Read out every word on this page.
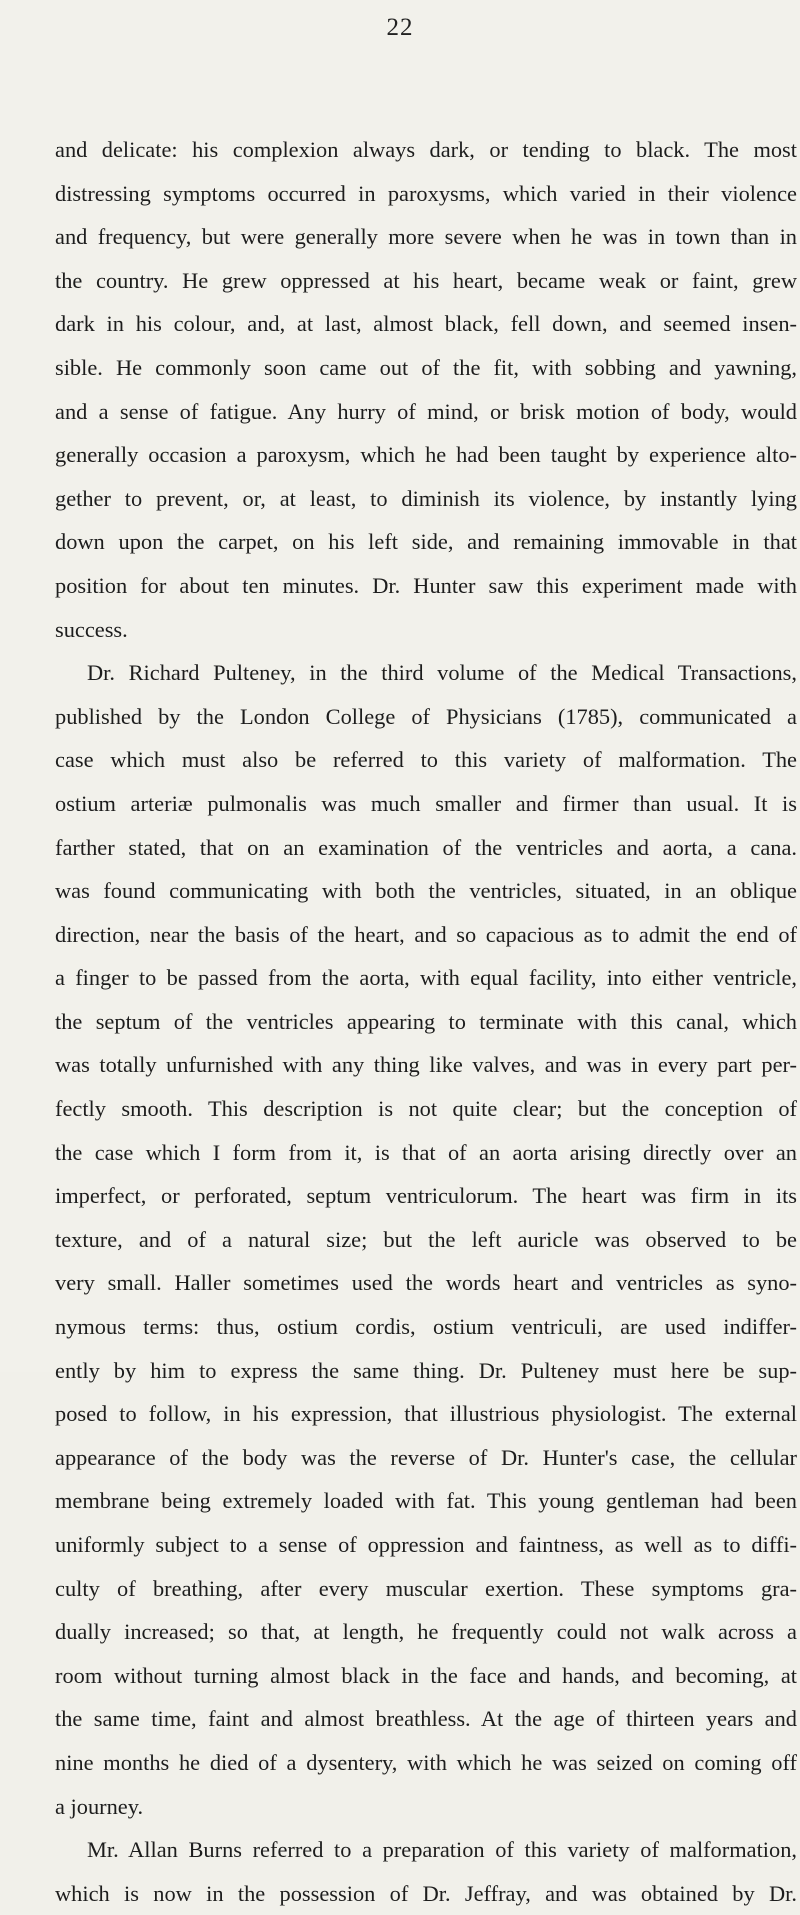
22
and delicate: his complexion always dark, or tending to black. The most
distressing symptoms occurred in paroxysms, which varied in their violence
and frequency, but were generally more severe when he was in town than in
the country. He grew oppressed at his heart, became weak or faint, grew
dark in his colour, and, at last, almost black, fell down, and seemed insen-
sible. He commonly soon came out of the fit, with sobbing and yawning,
and a sense of fatigue. Any hurry of mind, or brisk motion of body, would
generally occasion a paroxysm, which he had been taught by experience alto-
gether to prevent, or, at least, to diminish its violence, by instantly lying
down upon the carpet, on his left side, and remaining immovable in that
position for about ten minutes. Dr. Hunter saw this experiment made with
success.
Dr. Richard Pulteney, in the third volume of the Medical Transactions,
published by the London College of Physicians (1785), communicated a
case which must also be referred to this variety of malformation. The
ostium arteriæ pulmonalis was much smaller and firmer than usual. It is
farther stated, that on an examination of the ventricles and aorta, a cana.
was found communicating with both the ventricles, situated, in an oblique
direction, near the basis of the heart, and so capacious as to admit the end of
a finger to be passed from the aorta, with equal facility, into either ventricle,
the septum of the ventricles appearing to terminate with this canal, which
was totally unfurnished with any thing like valves, and was in every part per-
fectly smooth. This description is not quite clear; but the conception of
the case which I form from it, is that of an aorta arising directly over an
imperfect, or perforated, septum ventriculorum. The heart was firm in its
texture, and of a natural size; but the left auricle was observed to be
very small. Haller sometimes used the words heart and ventricles as syno-
nymous terms: thus, ostium cordis, ostium ventriculi, are used indiffer-
ently by him to express the same thing. Dr. Pulteney must here be sup-
posed to follow, in his expression, that illustrious physiologist. The external
appearance of the body was the reverse of Dr. Hunter's case, the cellular
membrane being extremely loaded with fat. This young gentleman had been
uniformly subject to a sense of oppression and faintness, as well as to diffi-
culty of breathing, after every muscular exertion. These symptoms gra-
dually increased; so that, at length, he frequently could not walk across a
room without turning almost black in the face and hands, and becoming, at
the same time, faint and almost breathless. At the age of thirteen years and
nine months he died of a dysentery, with which he was seized on coming off
a journey.
Mr. Allan Burns referred to a preparation of this variety of malformation,
which is now in the possession of Dr. Jeffray, and was obtained by Dr.
